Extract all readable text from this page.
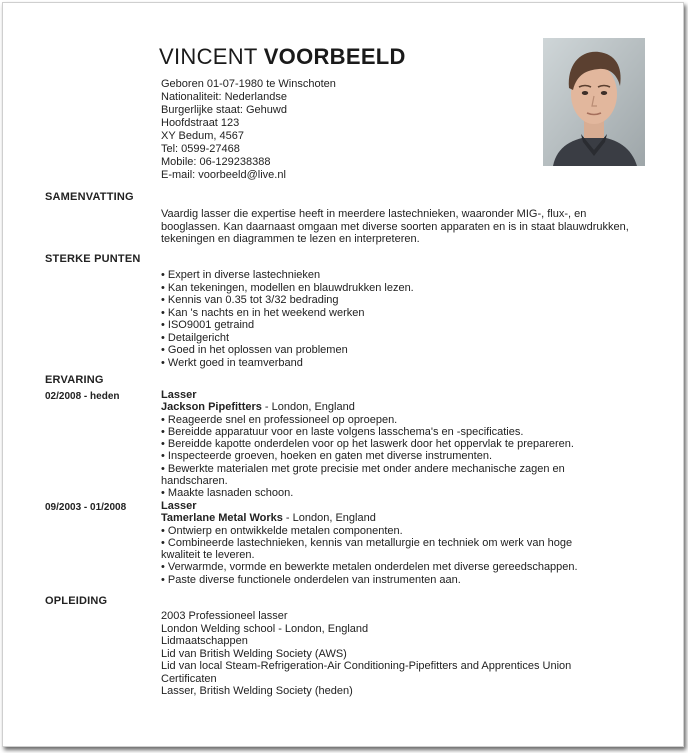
VINCENT VOORBEELD
Geboren 01-07-1980 te Winschoten
Nationaliteit: Nederlandse
Burgerlijke staat: Gehuwd
Hoofdstraat 123
XY Bedum, 4567
Tel: 0599-27468
Mobile: 06-129238388
E-mail: voorbeeld@live.nl
SAMENVATTING
Vaardig lasser die expertise heeft in meerdere lastechnieken, waaronder MIG-, flux-, en booglassen. Kan daarnaast omgaan met diverse soorten apparaten en is in staat blauwdrukken, tekeningen en diagrammen te lezen en interpreteren.
STERKE PUNTEN
• Expert in diverse lastechnieken
• Kan tekeningen, modellen en blauwdrukken lezen.
• Kennis van 0.35 tot 3/32 bedrading
• Kan 's nachts en in het weekend werken
• ISO9001 getraind
• Detailgericht
• Goed in het oplossen van problemen
• Werkt goed in teamverband
ERVARING
02/2008 - heden	Lasser
Jackson Pipefitters - London, England
• Reageerde snel en professioneel op oproepen.
• Bereidde apparatuur voor en laste volgens lasschema's en -specificaties.
• Bereidde kapotte onderdelen voor op het laswerk door het oppervlak te prepareren.
• Inspecteerde groeven, hoeken en gaten met diverse instrumenten.
• Bewerkte materialen met grote precisie met onder andere mechanische zagen en
handscharen.
• Maakte lasnaden schoon.
09/2003 - 01/2008	Lasser
Tamerlane Metal Works - London, England
• Ontwierp en ontwikkelde metalen componenten.
• Combineerde lastechnieken, kennis van metallurgie en techniek om werk van hoge
kwaliteit te leveren.
• Verwarmde, vormde en bewerkte metalen onderdelen met diverse gereedschappen.
• Paste diverse functionele onderdelen van instrumenten aan.
OPLEIDING
2003 Professioneel lasser
London Welding school - London, England
Lidmaatschappen
Lid van British Welding Society (AWS)
Lid van local Steam-Refrigeration-Air Conditioning-Pipefitters and Apprentices Union
Certificaten
Lasser, British Welding Society (heden)
